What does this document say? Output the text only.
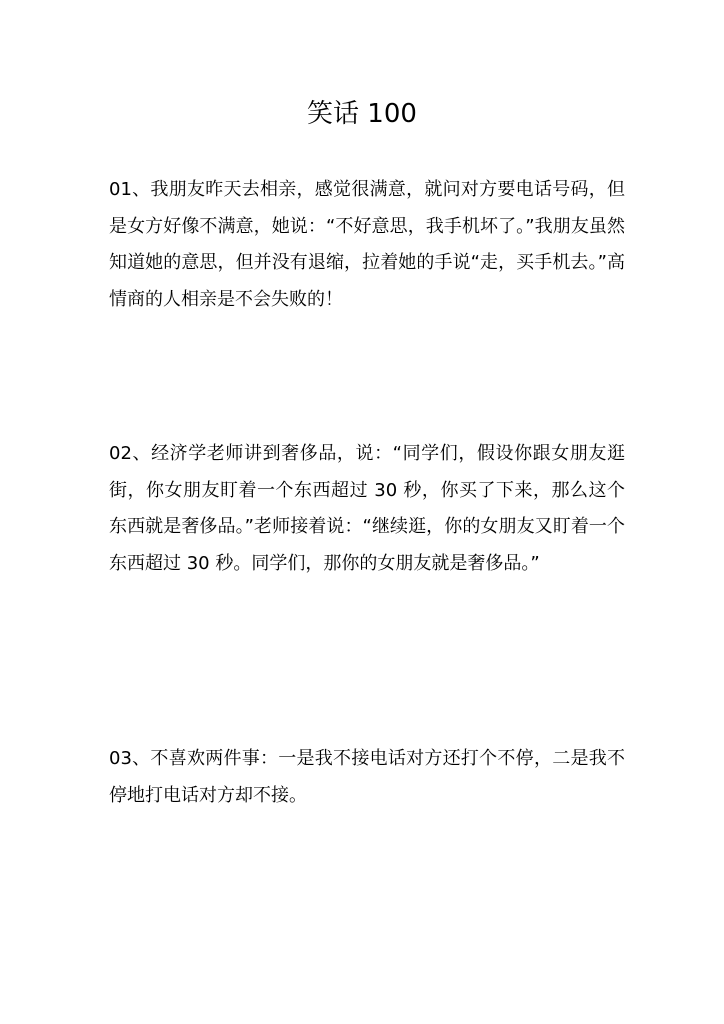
笑话 100

01、我朋友昨天去相亲，感觉很满意，就问对方要电话号码，但是女方好像不满意，她说：“不好意思，我手机坏了。”我朋友虽然知道她的意思，但并没有退缩，拉着她的手说“走，买手机去。”高 情商的人相亲是不会失败的！

02、经济学老师讲到奢侈品，说：“同学们，假设你跟女朋友逛街，你女朋友盯着一个东西超过 30 秒，你买了下来，那么这个东西就是奢侈品。”老师接着说：“继续逛，你的女朋友又盯着一个东西超过 30 秒。同学们，那你的女朋友就是奢侈品。”

03、不喜欢两件事：一是我不接电话对方还打个不停，二是我不停地打电话对方却不接。
